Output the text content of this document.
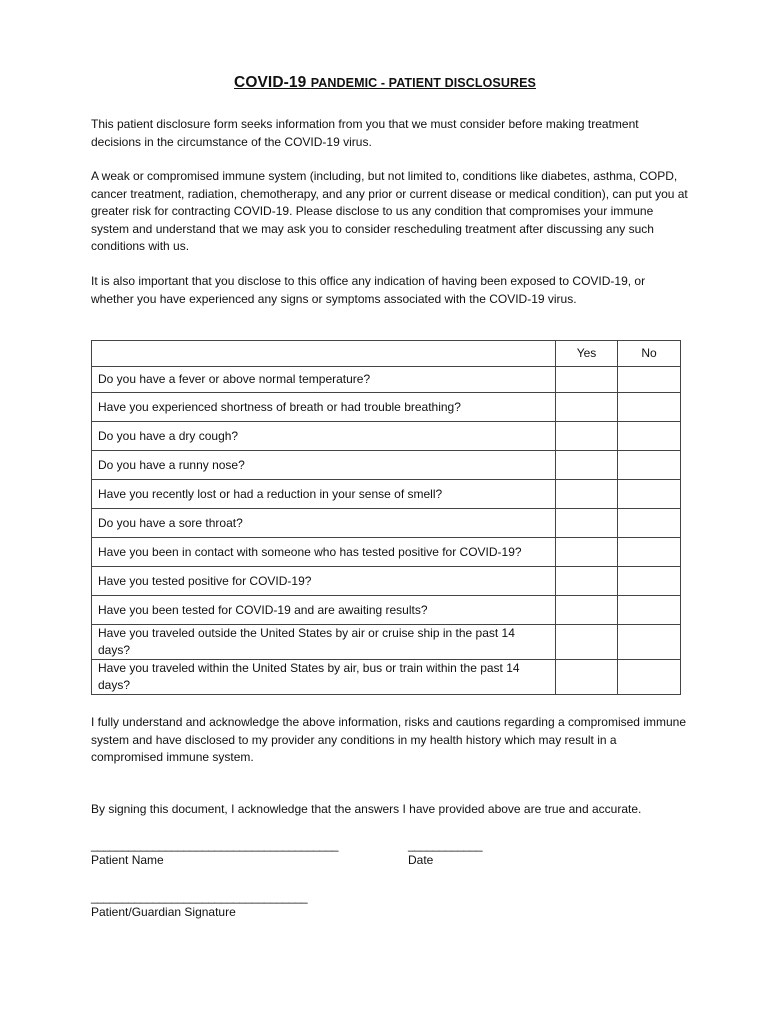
COVID-19 PANDEMIC - PATIENT DISCLOSURES

This patient disclosure form seeks information from you that we must consider before making treatment decisions in the circumstance of the COVID-19 virus.

A weak or compromised immune system (including, but not limited to, conditions like diabetes, asthma, COPD, cancer treatment, radiation, chemotherapy, and any prior or current disease or medical condition), can put you at greater risk for contracting COVID-19. Please disclose to us any condition that compromises your immune system and understand that we may ask you to consider rescheduling treatment after discussing any such conditions with us.

It is also important that you disclose to this office any indication of having been exposed to COVID-19, or whether you have experienced any signs or symptoms associated with the COVID-19 virus.

	Yes	No
Do you have a fever or above normal temperature?		
Have you experienced shortness of breath or had trouble breathing?		
Do you have a dry cough?		
Do you have a runny nose?		
Have you recently lost or had a reduction in your sense of smell?		
Do you have a sore throat?		
Have you been in contact with someone who has tested positive for COVID-19?		
Have you tested positive for COVID-19?		
Have you been tested for COVID-19 and are awaiting results?		
Have you traveled outside the United States by air or cruise ship in the past 14 days?		
Have you traveled within the United States by air, bus or train within the past 14 days?		

I fully understand and acknowledge the above information, risks and cautions regarding a compromised immune system and have disclosed to my provider any conditions in my health history which may result in a compromised immune system.

By signing this document, I acknowledge that the answers I have provided above are true and accurate.

________________________________________
Patient Name
____________
Date
___________________________________
Patient/Guardian Signature
